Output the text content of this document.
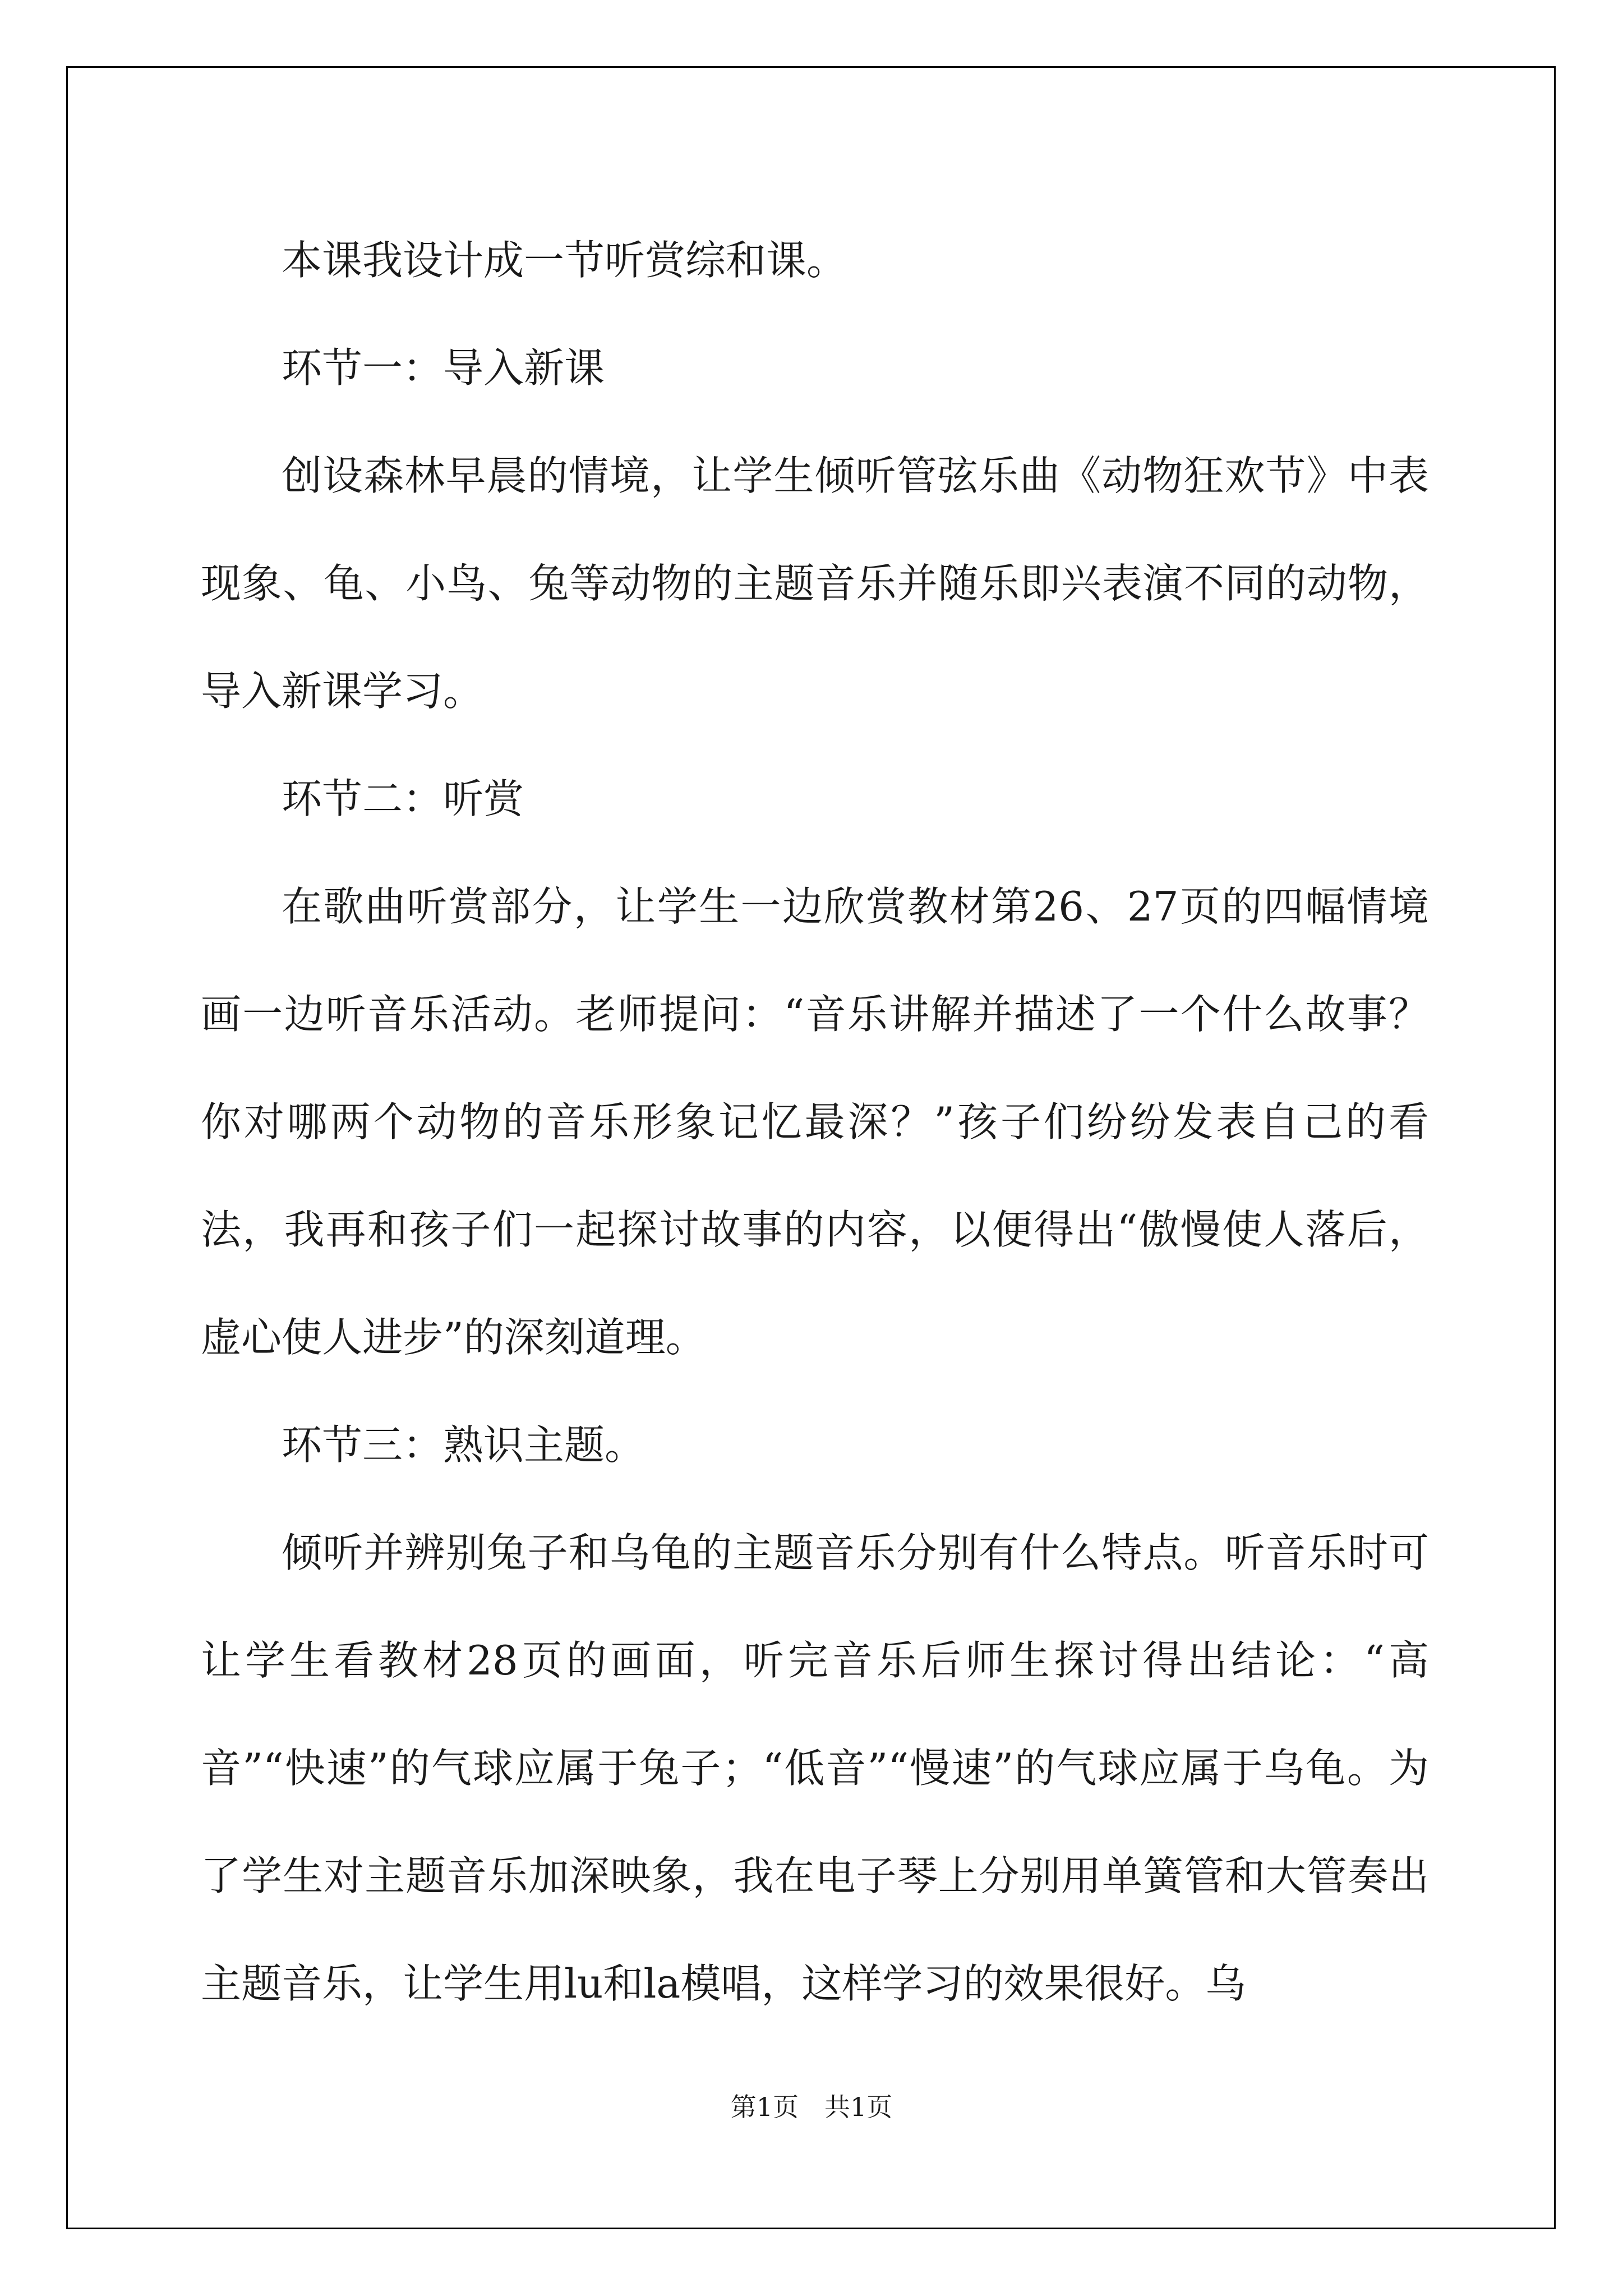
本课我设计成一节听赏综和课。

环节一：导入新课

创设森林早晨的情境，让学生倾听管弦乐曲《动物狂欢节》中表现象、龟、小鸟、兔等动物的主题音乐并随乐即兴表演不同的动物，导入新课学习。

环节二：听赏

在歌曲听赏部分，让学生一边欣赏教材第26、27页的四幅情境画一边听音乐活动。老师提问：“音乐讲解并描述了一个什么故事？你对哪两个动物的音乐形象记忆最深？”孩子们纷纷发表自己的看法，我再和孩子们一起探讨故事的内容，以便得出“傲慢使人落后，虚心使人进步”的深刻道理。

环节三：熟识主题。

倾听并辨别兔子和乌龟的主题音乐分别有什么特点。听音乐时可让学生看教材28页的画面，听完音乐后师生探讨得出结论：“高音”“快速”的气球应属于兔子；“低音”“慢速”的气球应属于乌龟。为了学生对主题音乐加深映象，我在电子琴上分别用单簧管和大管奏出主题音乐，让学生用lu和la模唱，这样学习的效果很好。乌

第1页　共1页
